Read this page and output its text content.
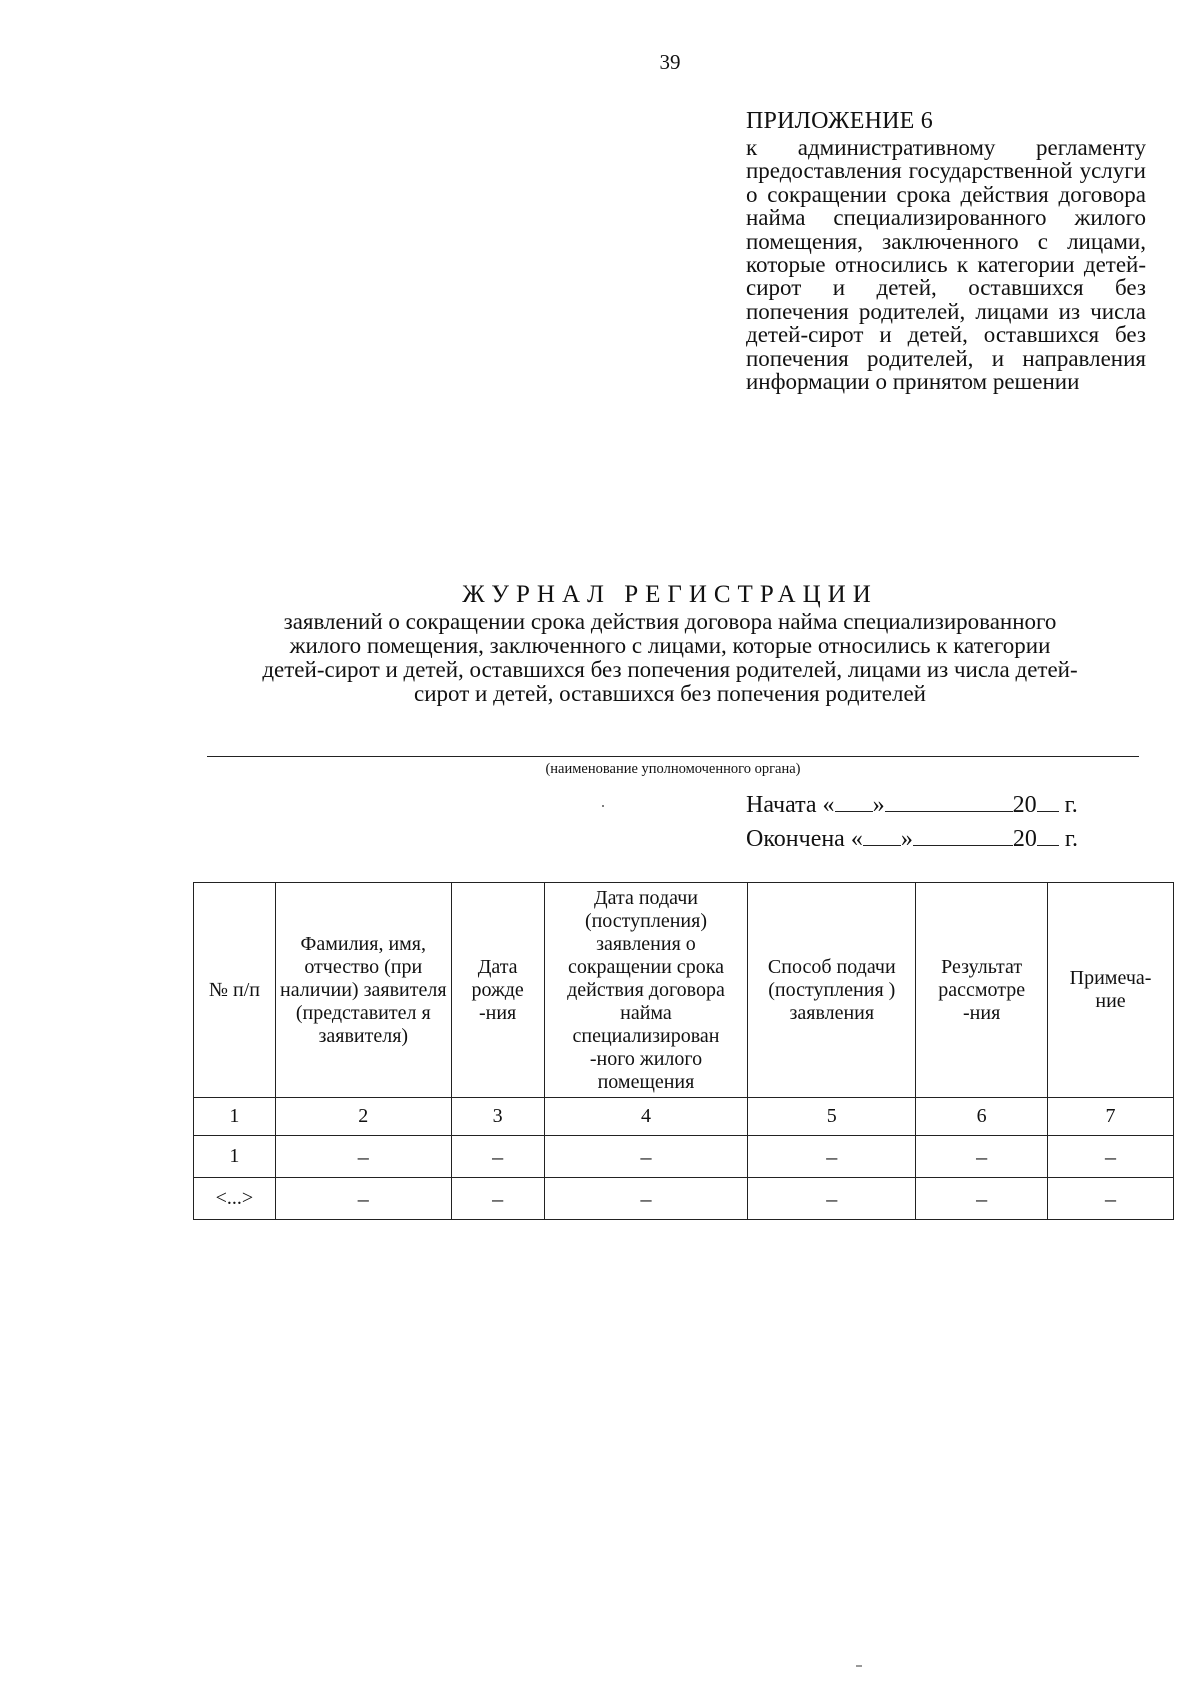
39
ПРИЛОЖЕНИЕ 6
к административному регламенту предоставления государственной услуги о сокращении срока действия договора найма специализированного жилого помещения, заключенного с лицами, которые относились к категории детей-сирот и детей, оставшихся без попечения родителей, лицами из числа детей-сирот и детей, оставшихся без попечения родителей, и направления информации о принятом решении
ЖУРНАЛ РЕГИСТРАЦИИ
заявлений о сокращении срока действия договора найма специализированного
жилого помещения, заключенного с лицами, которые относились к категории
детей-сирот и детей, оставшихся без попечения родителей, лицами из числа детей-
сирот и детей, оставшихся без попечения родителей
(наименование уполномоченного органа)
Начата « »	20 г.
Окончена « »	20 г.
№ п/п	Фамилия, имя, отчество (при наличии) заявителя (представител я заявителя)	Дата рожде -ния	Дата подачи (поступления) заявления о сокращении срока действия договора найма специализирован -ного жилого помещения	Способ подачи (поступления ) заявления	Результат рассмотре -ния	Примеча- ние
1	2	3	4	5	6	7
1	–	–	–	–	–	–
<...>	–	–	–	–	–	–
